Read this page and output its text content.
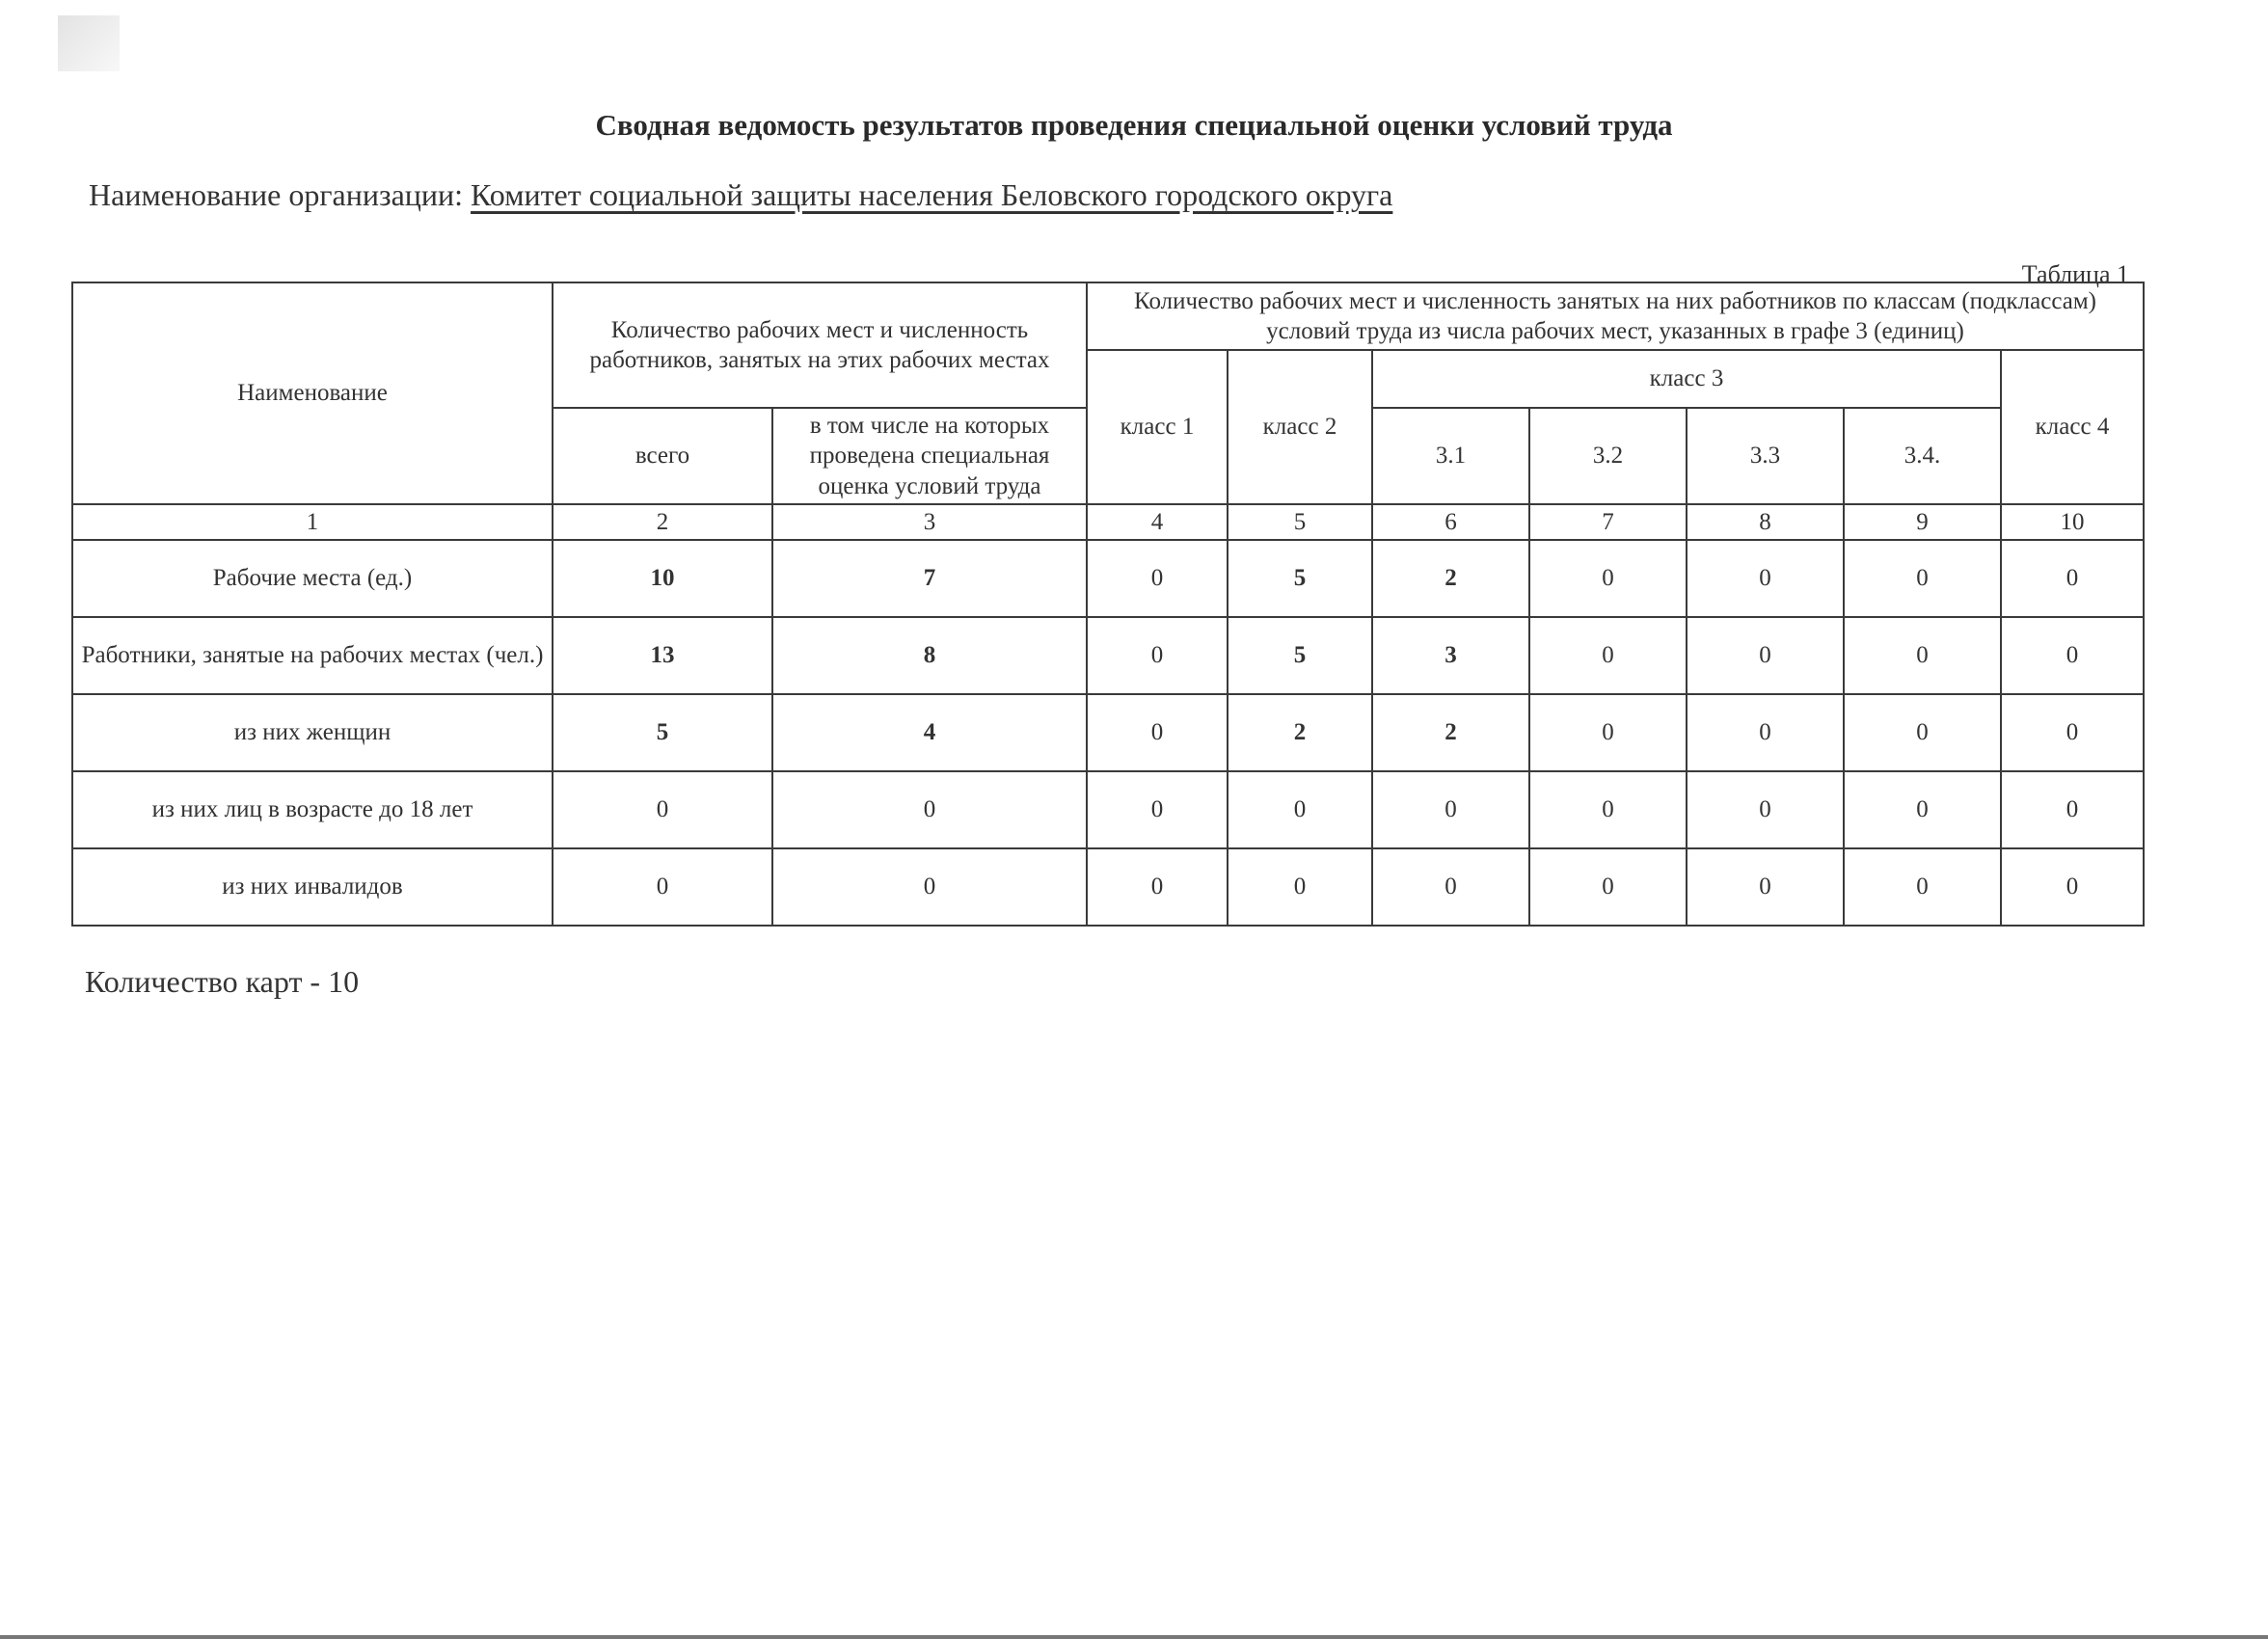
Сводная ведомость результатов проведения специальной оценки условий труда
Наименование организации: Комитет социальной защиты населения Беловского городского округа
Таблица 1
Наименование	Количество рабочих мест и численность работников, занятых на этих рабочих местах		Количество рабочих мест и численность занятых на них работников по классам (подклассам) условий труда из числа рабочих мест, указанных в графе 3 (единиц)						
			класс 1	класс 2	класс 3				класс 4
	всего	в том числе на которых проведена специальная оценка условий труда			3.1	3.2	3.3	3.4.	
1	2	3	4	5	6	7	8	9	10
Рабочие места (ед.)	10	7	0	5	2	0	0	0	0
Работники, занятые на рабочих местах (чел.)	13	8	0	5	3	0	0	0	0
из них женщин	5	4	0	2	2	0	0	0	0
из них лиц в возрасте до 18 лет	0	0	0	0	0	0	0	0	0
из них инвалидов	0	0	0	0	0	0	0	0	0
Количество карт - 10
